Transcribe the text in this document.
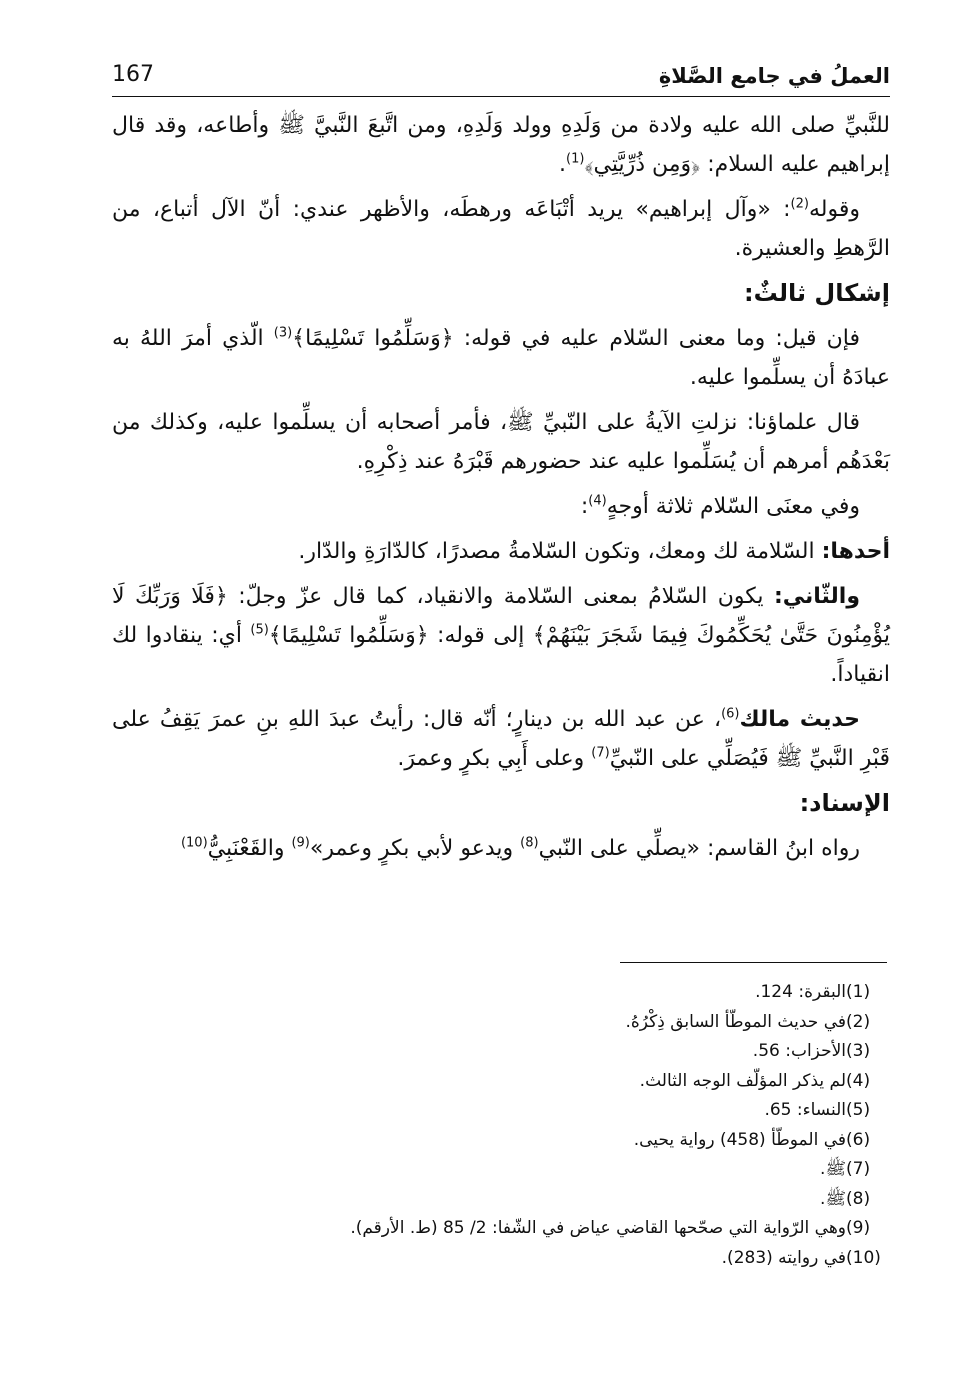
العملُ في جامع الصَّلاةِ
167

للنَّبيِّ صلى الله عليه ولادة من وَلَدِهِ وولد وَلَدِهِ، ومن اتَّبعَ النَّبيَّ ﷺ وأطاعه، وقد قال إبراهيم عليه السلام: ﴿وَمِن ذُرِّيَّتِي﴾$^{(1)}$.

وقوله$^{(2)}$: «وآل إبراهيم» يريد أتْبَاعَه ورهطَه، والأظهر عندي: أنّ الآل أتباع، من الرَّهطِ والعشيرة.

إشكال ثالثٌ:

فإن قيل: وما معنى السّلام عليه في قوله: ﴿وَسَلِّمُوا تَسْلِيمًا﴾$^{(3)}$ الّذي أمرَ اللهُ به عبادَهُ أن يسلِّموا عليه.

قال علماؤنا: نزلتِ الآيةُ على النّبيِّ ﷺ، فأمر أصحابه أن يسلِّموا عليه، وكذلك من بَعْدَهُم أمرهم أن يُسَلِّموا عليه عند حضورهم قَبْرَهُ عند ذِكْرِهِ.

وفي معنَى السّلام ثلاثة أوجهٍ$^{(4)}$:

أحدها: السّلامة لك ومعك، وتكون السّلامةُ مصدرًا، كالدّارَةِ والدّار.

والثّاني: يكون السّلامُ بمعنى السّلامة والانقياد، كما قال عزّ وجلّ: ﴿فَلَا وَرَبِّكَ لَا يُؤْمِنُونَ حَتَّىٰ يُحَكِّمُوكَ فِيمَا شَجَرَ بَيْنَهُمْ﴾ إلى قوله: ﴿وَسَلِّمُوا تَسْلِيمًا﴾$^{(5)}$ أي: ينقادوا لك انقياداً.

حديث مالك$^{(6)}$، عن عبد الله بن دينارٍ؛ أنّه قال: رأيتُ عبدَ اللهِ بنِ عمرَ يَقِفُ على قَبْرِ النَّبيِّ ﷺ فَيُصَلِّي على النّبيِّ$^{(7)}$ وعلى أَبِي بكرٍ وعمرَ.

الإسناد:

رواه ابنُ القاسم: «يصلِّي على النّبي$^{(8)}$ ويدعو لأبي بكرٍ وعمر»$^{(9)}$ والقَعْنَبِيُّ$^{(10)}$

(1)
البقرة: 124.
(2)
في حديث الموطّأ السابق ذِكْرُهُ.
(3)
الأحزاب: 56.
(4)
لم يذكر المؤلّف الوجه الثالث.
(5)
النساء: 65.
(6)
في الموطّأ (458) رواية يحيى.
(7)
ﷺ.
(8)
ﷺ.
(9)
وهي الرّواية التي صحّحها القاضي عياض في الشّفا: 2/ 85 (ط. الأرقم).
(10)
في روايته (283).
